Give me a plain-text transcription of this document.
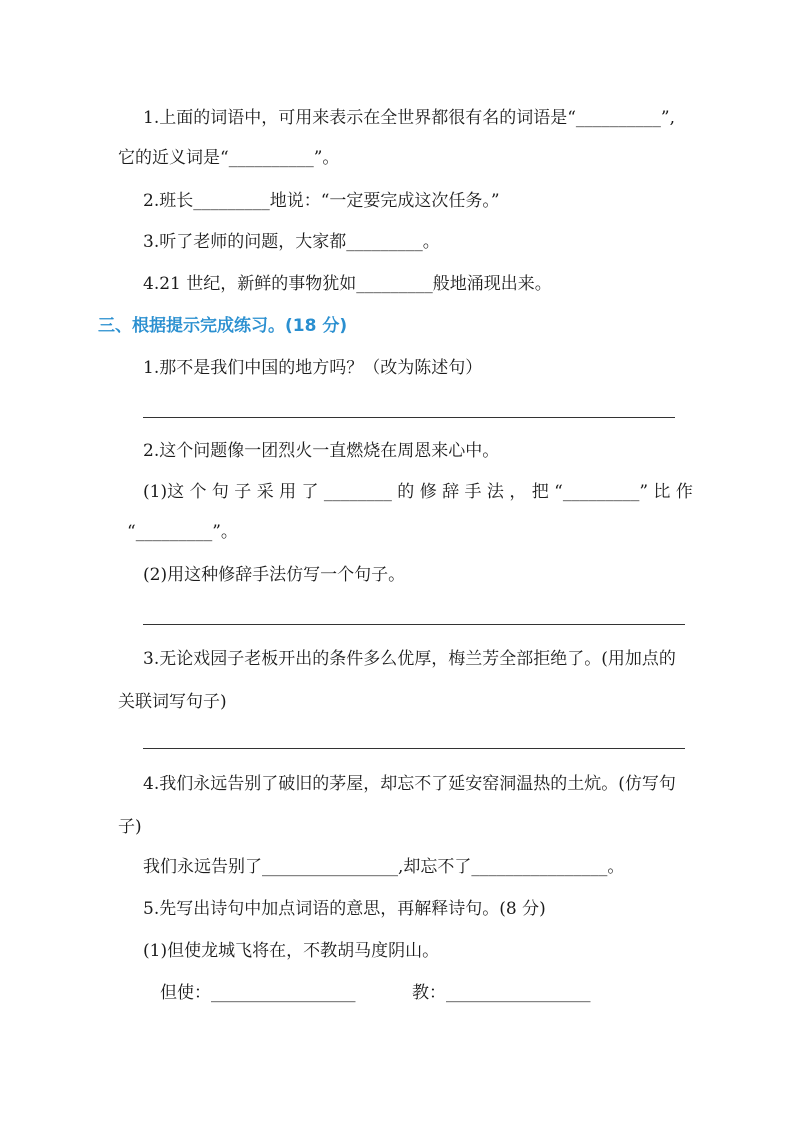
1.上面的词语中，可用来表示在全世界都很有名的词语是“__________”,
它的近义词是“__________”。
2.班长_________地说：“一定要完成这次任务。”
3.听了老师的问题，大家都_________。
4.21 世纪，新鲜的事物犹如_________般地涌现出来。
三、根据提示完成练习。(18 分)
1.那不是我们中国的地方吗？（改为陈述句）
2.这个问题像一团烈火一直燃烧在周恩来心中。
(1)这 个 句 子 采 用 了 ________ 的 修 辞 手 法 ， 把 “_________” 比 作
“_________”。
(2)用这种修辞手法仿写一个句子。
3.无论戏园子老板开出的条件多么优厚，梅兰芳全部拒绝了。(用加点的
关联词写句子)
4.我们永远告别了破旧的茅屋，却忘不了延安窑洞温热的土炕。(仿写句
子)
我们永远告别了________________,却忘不了________________。
5.先写出诗句中加点词语的意思，再解释诗句。(8 分)
(1)但使龙城飞将在，不教胡马度阴山。
但使：_________________	教：_________________
